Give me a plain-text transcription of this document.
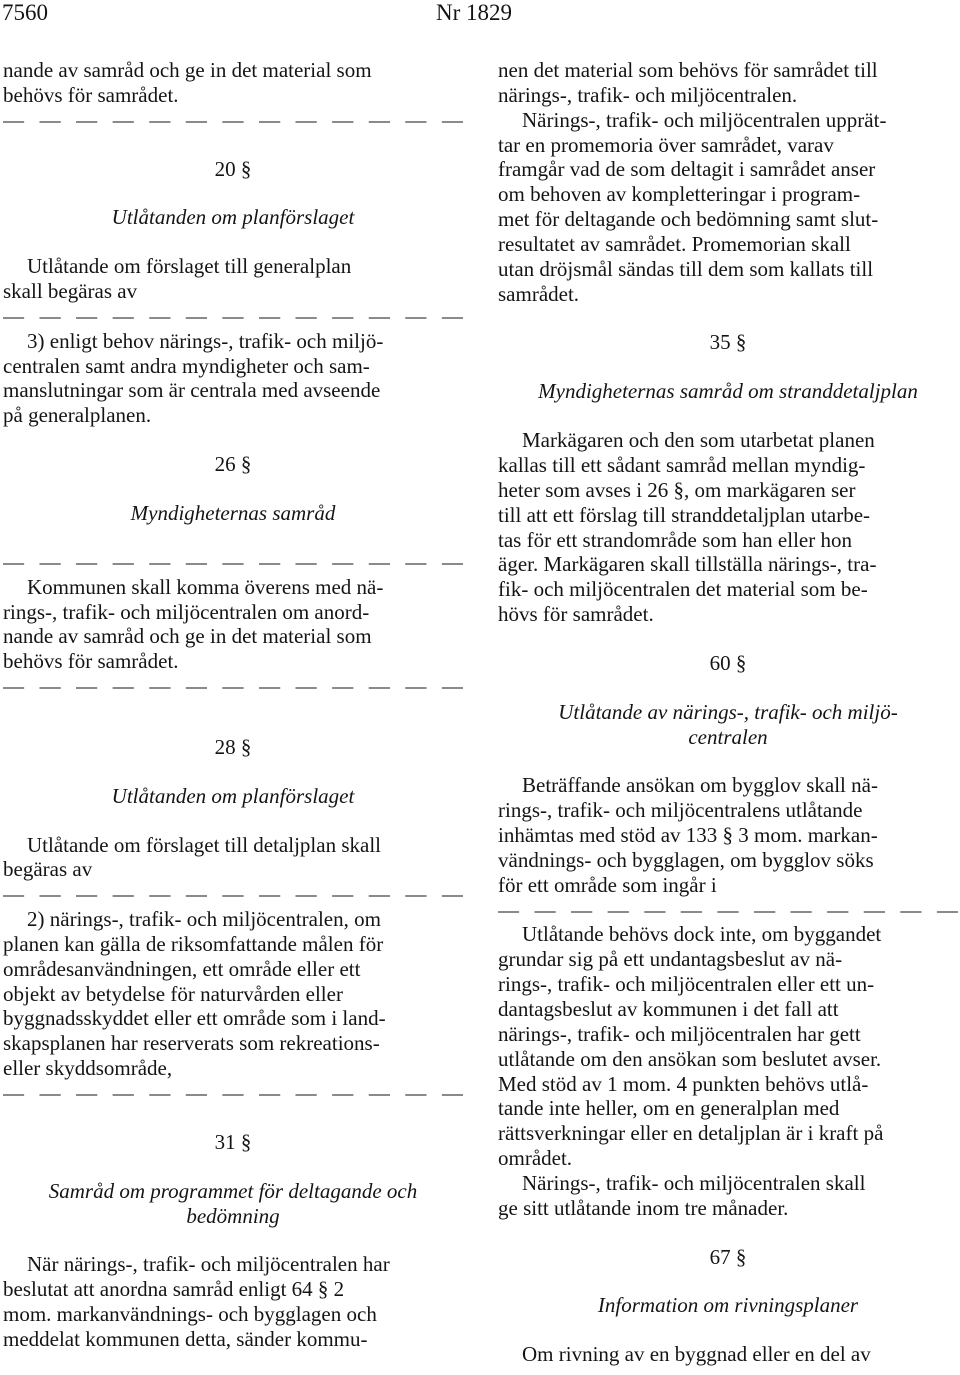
7560	Nr 1829

nande av samråd och ge in det material som
behövs för samrådet.

— — — — — — — — — — — — —
20 §
Utlåtanden om planförslaget

Utlåtande om förslaget till generalplan
skall begäras av

— — — — — — — — — — — — —

3) enligt behov närings-, trafik- och miljö-
centralen samt andra myndigheter och sam-
manslutningar som är centrala med avseende
på generalplanen.

26 §
Myndigheternas samråd
— — — — — — — — — — — — —

Kommunen skall komma överens med nä-
rings-, trafik- och miljöcentralen om anord-
nande av samråd och ge in det material som
behövs för samrådet.

— — — — — — — — — — — — —
28 §
Utlåtanden om planförslaget

Utlåtande om förslaget till detaljplan skall
begäras av

— — — — — — — — — — — — —

2) närings-, trafik- och miljöcentralen, om
planen kan gälla de riksomfattande målen för
områdesanvändningen, ett område eller ett
objekt av betydelse för naturvården eller
byggnadsskyddet eller ett område som i land-
skapsplanen har reserverats som rekreations-
eller skyddsområde,

— — — — — — — — — — — — —
31 §
Samråd om programmet för deltagande och
bedömning

När närings-, trafik- och miljöcentralen har
beslutat att anordna samråd enligt 64 § 2
mom. markanvändnings- och bygglagen och
meddelat kommunen detta, sänder kommu-

nen det material som behövs för samrådet till
närings-, trafik- och miljöcentralen.

Närings-, trafik- och miljöcentralen upprät-
tar en promemoria över samrådet, varav
framgår vad de som deltagit i samrådet anser
om behoven av kompletteringar i program-
met för deltagande och bedömning samt slut-
resultatet av samrådet. Promemorian skall
utan dröjsmål sändas till dem som kallats till
samrådet.

35 §
Myndigheternas samråd om stranddetaljplan

Markägaren och den som utarbetat planen
kallas till ett sådant samråd mellan myndig-
heter som avses i 26 §, om markägaren ser
till att ett förslag till stranddetaljplan utarbe-
tas för ett strandområde som han eller hon
äger. Markägaren skall tillställa närings-, tra-
fik- och miljöcentralen det material som be-
hövs för samrådet.

60 §
Utlåtande av närings-, trafik- och miljö-
centralen

Beträffande ansökan om bygglov skall nä-
rings-, trafik- och miljöcentralens utlåtande
inhämtas med stöd av 133 § 3 mom. markan-
vändnings- och bygglagen, om bygglov söks
för ett område som ingår i

— — — — — — — — — — — — —

Utlåtande behövs dock inte, om byggandet
grundar sig på ett undantagsbeslut av nä-
rings-, trafik- och miljöcentralen eller ett un-
dantagsbeslut av kommunen i det fall att
närings-, trafik- och miljöcentralen har gett
utlåtande om den ansökan som beslutet avser.
Med stöd av 1 mom. 4 punkten behövs utlå-
tande inte heller, om en generalplan med
rättsverkningar eller en detaljplan är i kraft på
området.

Närings-, trafik- och miljöcentralen skall
ge sitt utlåtande inom tre månader.

67 §
Information om rivningsplaner

Om rivning av en byggnad eller en del av
